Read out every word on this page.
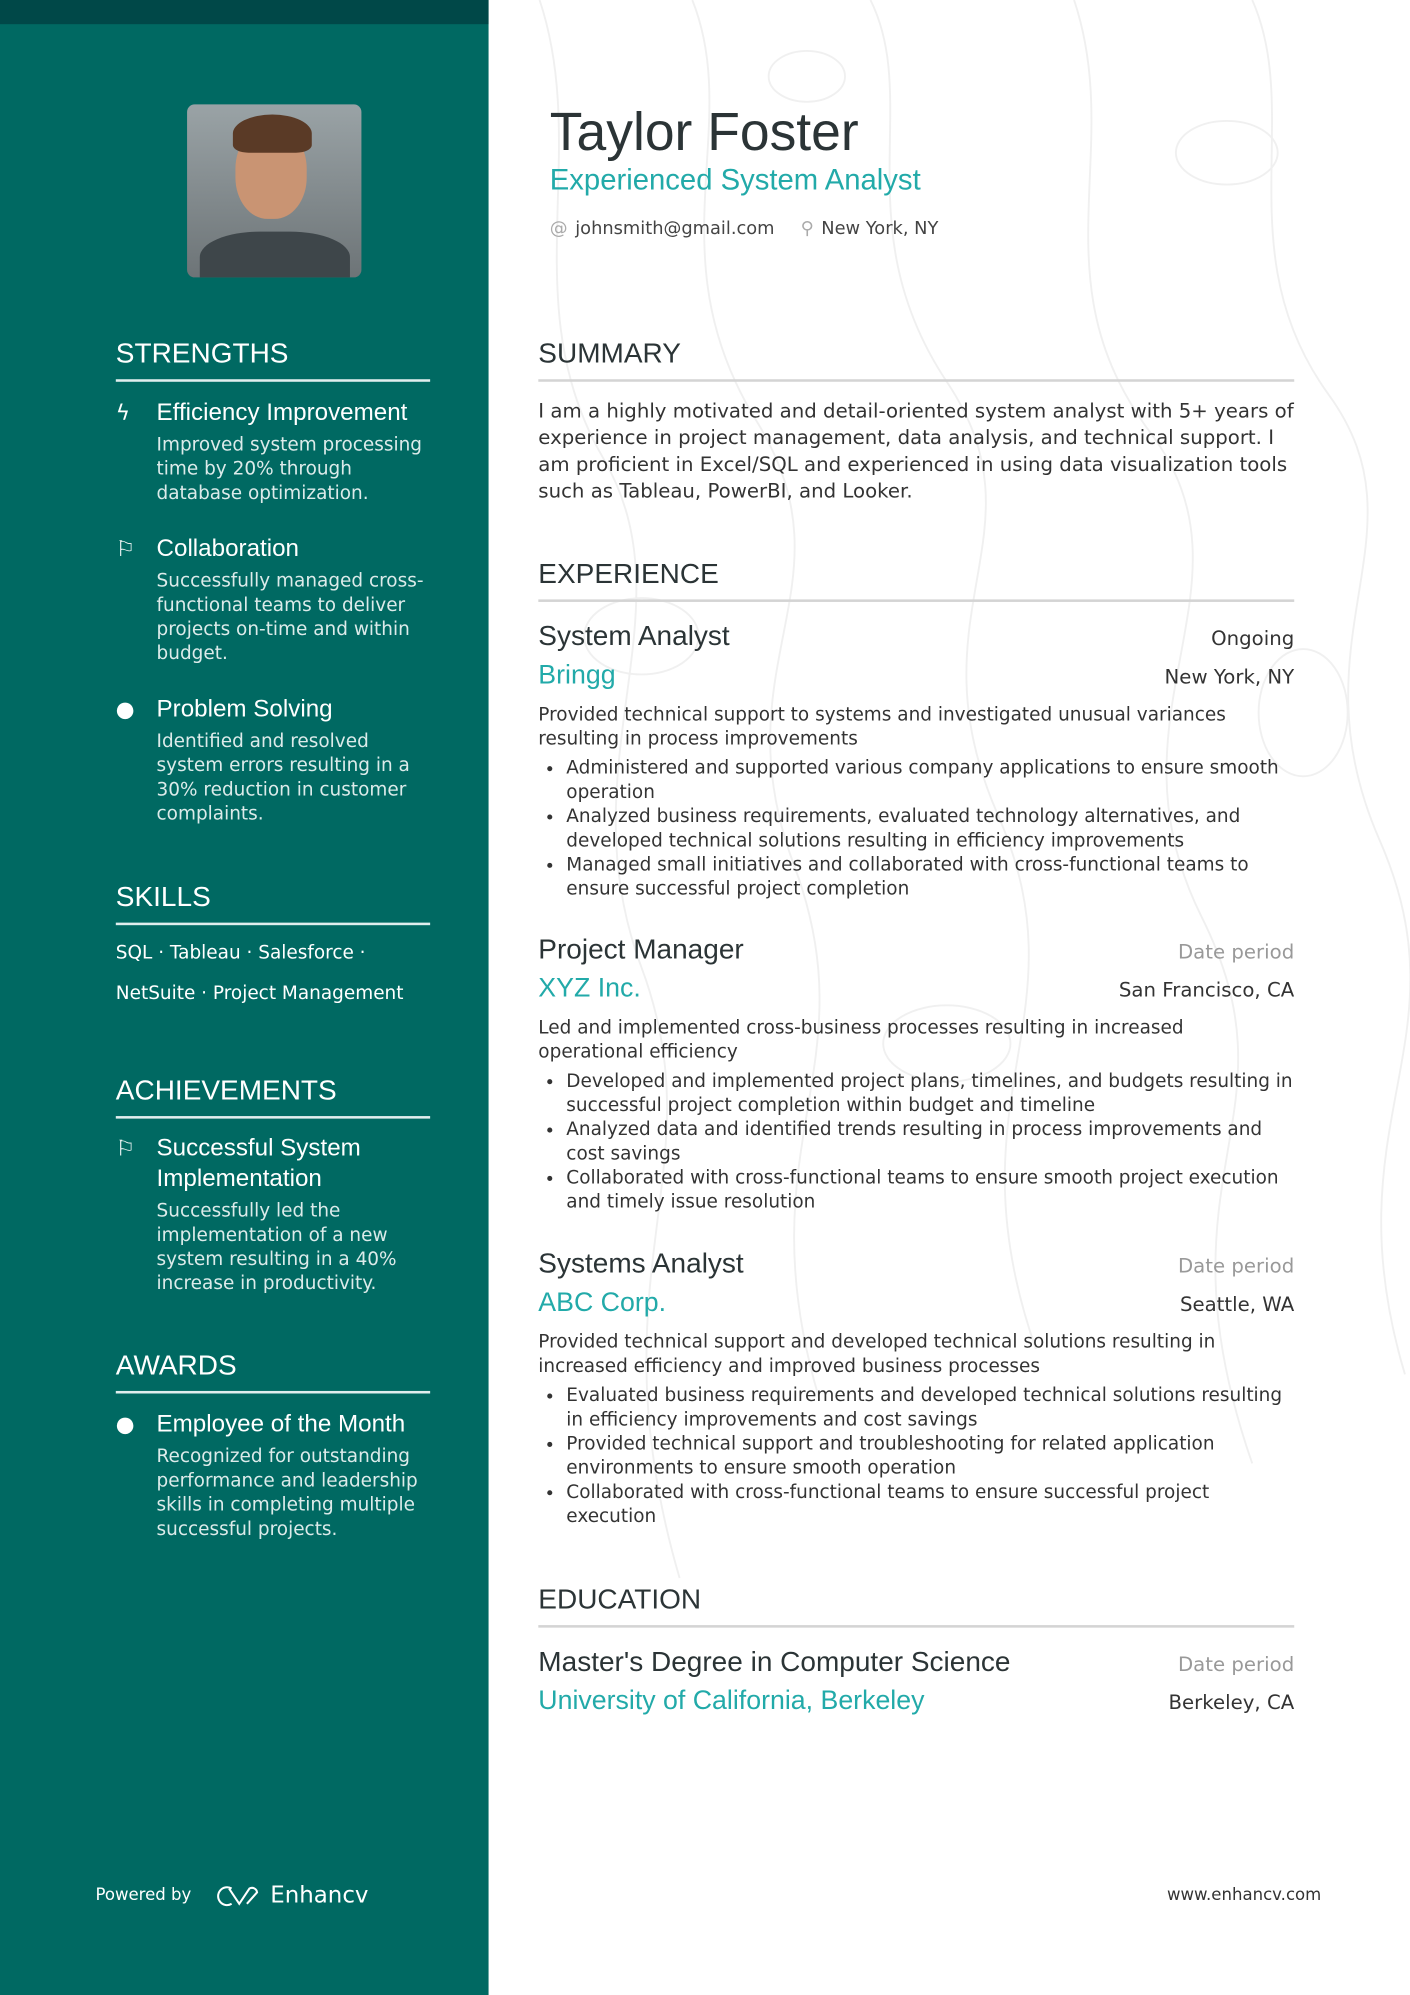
STRENGTHS
ϟ	Efficiency Improvement
Improved system processing time by 20% through database optimization.
⚐	Collaboration
Successfully managed cross-functional teams to deliver projects on-time and within budget.
●	Problem Solving
Identified and resolved system errors resulting in a 30% reduction in customer complaints.
SKILLS
SQL · Tableau · Salesforce ·
NetSuite · Project Management
ACHIEVEMENTS
⚐	Successful System Implementation
Successfully led the implementation of a new system resulting in a 40% increase in productivity.
AWARDS
●	Employee of the Month
Recognized for outstanding performance and leadership skills in completing multiple successful projects.
Powered by	Enhancv
Taylor Foster
Experienced System Analyst
@ johnsmith@gmail.com ⚲ New York, NY
SUMMARY
I am a highly motivated and detail-oriented system analyst with 5+ years of experience in project management, data analysis, and technical support. I am proficient in Excel/SQL and experienced in using data visualization tools such as Tableau, PowerBI, and Looker.
EXPERIENCE
System Analyst	Ongoing
Bringg	New York, NY
Provided technical support to systems and investigated unusual variances resulting in process improvements
• Administered and supported various company applications to ensure smooth operation
• Analyzed business requirements, evaluated technology alternatives, and developed technical solutions resulting in efficiency improvements
• Managed small initiatives and collaborated with cross-functional teams to ensure successful project completion
Project Manager	Date period
XYZ Inc.	San Francisco, CA
Led and implemented cross-business processes resulting in increased operational efficiency
• Developed and implemented project plans, timelines, and budgets resulting in successful project completion within budget and timeline
• Analyzed data and identified trends resulting in process improvements and cost savings
• Collaborated with cross-functional teams to ensure smooth project execution and timely issue resolution
Systems Analyst	Date period
ABC Corp.	Seattle, WA
Provided technical support and developed technical solutions resulting in increased efficiency and improved business processes
• Evaluated business requirements and developed technical solutions resulting in efficiency improvements and cost savings
• Provided technical support and troubleshooting for related application environments to ensure smooth operation
• Collaborated with cross-functional teams to ensure successful project execution
EDUCATION
Master's Degree in Computer Science	Date period
University of California, Berkeley	Berkeley, CA
www.enhancv.com
